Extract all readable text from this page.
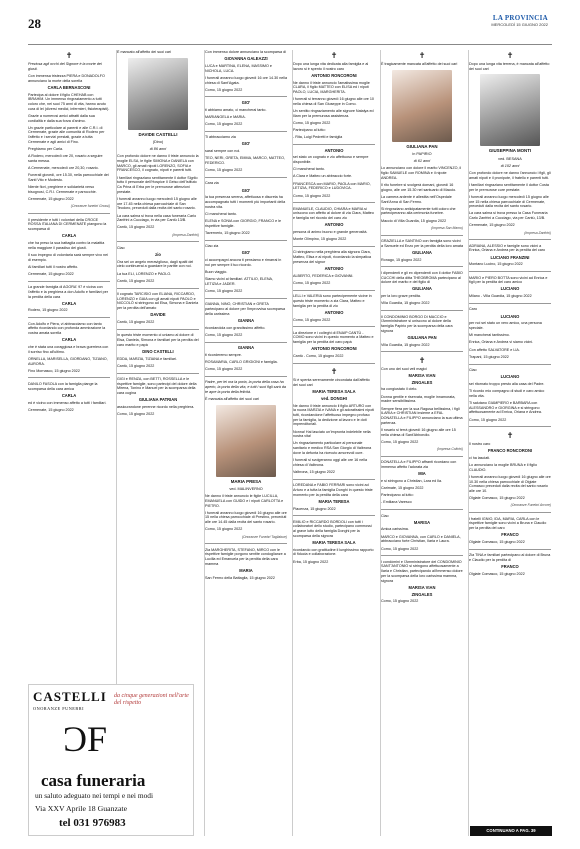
28	LA PROVINCIA
MERCOLEDÌ 15 GIUGNO 2022
✝

Preziosa agli occhi del Signore è la morte dei giusti.

Con immensa tristezza PIERA e DONADOLFO annunciano la morte della sorella

CARLA BERNASCONI

Partecipa al dolore il figlio CHEHAB con IBRAHIM. Un immenso ringraziamento a tutti coloro che, nei suoi 75 anni di vita, hanno avuto cura di lei (diversi medici, infermieri, fisioterapisti).

Grazie a numerosi amici attratti dalla sua cordialità e dalla sua forza d'animo.

Un grazie particolare ai parenti e alle C.R.I. di Cermenate, grazie alle comunità di Rodero per l'affetto e i servizi prestati, grazie a tutta Cermenate e agli amici di Fino.

Preghiamo per Carla.

A Rodero, mercoledì ore 20, rosario a seguire santa messa.

A Cermenate, mercoledì ore 20,30, rosario.

Funerali giovedì, ore 15.30, nella parrocchiale dei Santi Vito e Modesto.

Niente fiori, preghiere e solidarietà verso bisognosi, C.R.I. Cermenate e parrocchie.

Cermenate, 15 giugno 2022

(Onoranze funebri Grossi)

Il presidente e tutti i volontari della CROCE ROSSA ITALIANA DI CERMENATE piangono la scomparsa di

CARLA

che ha preso la sua battaglia contro la malattia nella maggiore il paradiso dei giusti.

Il suo impegno di volontaria sarà sempre vivo nei di esempio.

Ai familiari tutti il nostro affetto.

Cermenate, 15 giugno 2022

La grande famiglia di AGORA' 97 è vicina con l'affetto e la preghiera a don Adolfo e familiari per la perdita della cara

CARLA

Rodero, 15 giugno 2022

Con Adolfo e Piera, vi abbracciamo con tanto affetto ricordando con profonda ammirazione la vostra amata sorella

CARLA

che è stata una coraggiosa e brava guerriera con il sorriso fino all'ultimo.

ORNELLA, MARISELLA, GIORDANO, TIZIANO, AURORA.

Fino Mornasco, 15 giugno 2022

DANILO FASOLA con la famiglia piange la scomparsa della cara amica

CARLA

ed è vicino con immenso affetto a tutti i familiari.

Cermenate, 15 giugno 2022

È mancato all'affetto dei suoi cari

DAVIDE CASTELLI

(Dino)

di 86 anni

Con profondo dolore ne danno il triste annuncio la moglie ELSA, le figlie SIMONA e DANIELA con MARCO, gli amati nipoti LORENZO, SOFIA e FRANCESCO, il cognato, nipoti e parenti tutti.

I familiari ringraziano sentitamente il dottor Sigrilo tutto il personale dell'Hospice Il Geiso dell'Istituto Ca Prina di Erba per le premurose attenzioni prestate.

I funerali avranno luogo mercoledì 15 giugno alle ore 17.45 nella chiesa parrocchiale di San Teodoro, preceduti dalla recita del santo rosario.

La cara salma si trova nella casa funeraria Carlo Zanfrini a Cucciago, in via per Cantù 13/B.

Cantù, 15 giugno 2022

(Impresa Zanfrini)

Ciao

zio

Ora sei un angelo meraviglioso, dagli spalti del cielo continuerai a guardare le partite con noi.

La tua ELI, LORENZO e PAOLO.

Cantù, 15 giugno 2022

Il cognato TARCISIO con ELIANA, RICCARDO, LORENZO e GAIA con gli amati nipoti PAOLO e NICCOLÒ si stringono ad Elsa, Simona e Daniela per la perdita dell'amato

DAVIDE

Cantù, 15 giugno 2022

In questo triste momento ci uniamo al dolore di Elsa, Daniela, Simona e familiari per la perdita del caro marito e papà

DINO CASTELLI

EDDA, MARZIA, TIZIANA e familiari.

Cantù, 15 giugno 2022

GIGI e RENZA, con BETTI, ROSSELLA e le rispettive famiglie, sono partecipi del dolore della Mirena, Tonino e Manuel per la scomparsa della cara cugina

GIULIANA PATRIAN

assicurandone perenne ricordo nella preghiera.

Como, 15 giugno 2022

Con immenso dolore annunciano la scomparsa di

GIOVANNA GALEAZZI

LUCA e MARTINA, ELENA, MASSIMO e NICHOLA, LUCA.

I funerali avranno luogo giovedì 16 ore 14.30 nella chiesa di Sant'Agata.

Como, 15 giugno 2022

GIO'

ti abbiamo amato, ci mancherai tanto.

MARIANGELA e MARIA.

Como, 15 giugno 2022

Ti abbracciamo zia

GIO'

sarai sempre con noi.

TEO, NERI, GRETA, EMMA, MARCO, MATTEO, FEDERICO.

Como, 15 giugno 2022

Cara zia

GIO'

la tua presenza serena, affettuosa e discreta ha accompagnato tutti i momenti più importanti della nostra vita.

Ci mancherai tanto.

ELENA e SONIA con GIORGIO, FRANCO e le rispettive famiglie.

Tavernerio, 15 giugno 2022

Ciao zia

GIO'

ci accompagni ancora ti pensiamo e rimarrai in noi per sempre il tuo ricordo.

Buon viaggio.

Siamo vicini ai familiari. ATTILIO, ELENA, LETIZIA e JADER.

Como, 15 giugno 2022

GIANNA, NINO, CHRISTIAN e GRETA partecipano al dolore per l'improvvisa scomparsa della carissima

GIANNA

ricordandola con grandissimo affetto.

Como, 15 giugno 2022

GIANNA

ti ricorderemo sempre.

ROSAMARIA, CARLO GRIGIONI e famiglia.

Como, 15 giugno 2022

Padre, per lei ora la porta, la porta della casa ha aperto, la porta della vita, e tutti i suoi figli sarà da te apre la porta della felicità.

È mancata all'affetto dei suoi cari

MARIA PRESA

ved. MALINVERNO

Ne danno il triste annuncio le figlie LUCILLA, EMANUELA con GUIDO e i nipoti CARLOTTA e PIETRO.

I funerali avranno luogo giovedì 16 giugno alle ore 15 nella chiesa parrocchiale di Prestino, preceduti alle ore 14.45 dalla recita del santo rosario.

Como, 15 giugno 2022

(Onoranze Funebri Tagliabue)

Zia MARGHERITA, STEFANO, MIRCO con le rispettive famiglie porgono sentite condoglianze a Lucilla ed Emanuela per la perdita della cara mamma

MARIA

San Fermo della Battaglia, 15 giugno 2022

✝

Dopo una lunga vita dedicata alla famiglia e al lavoro si è spento il nostro caro

ANTONIO RONCORONI

Ne danno il triste annuncio l'amatissima moglie CLARA, il figlio MATTEO con ELISA ed i nipoti PAOLO, LUCIA, MARGHERITA.

I funerali si terranno giovedì 16 giugno alle ore 10 nella chiesa di San Giuseppe in Como.

Un sentito ringraziamento alle signore Natalya ed Iliam per la premurosa assistenza.

Como, 15 giugno 2022

Partecipano al lutto:

- Rita, Luigi Pedretti e famiglia

ANTONIO

sei stato un cognato e zio affettuoso e sempre disponibile.

Ci mancherai tanto.

A Clara e Matteo un abbraccio forte.

FRANCESCA con MARIO, PAOLA con MARIO, LETIZIA, FEDERICO e LUDOVICA.

Como, 15 giugno 2022

EMANUELE, CLAUDIO, CHIARA e MARIA si uniscono con affetto al dolore di zia Clara, Matteo e famiglia nel ricordo del caro zio

ANTONIO

persona di animo buono e grande generosità.

Monte Olimpino, 15 giugno 2022

Ci stringiamo nella preghiera alla signora Clara, Matteo, Elisa e ai nipoti, ricordando la simpatica presenza del signor

ANTONIO

ALBERTO, FEDERICA e GIOVANNI.

Como, 15 giugno 2022

LELLI e VALERIA sono partecipemente vicine in questo triste momento a zia Clara, Matteo e famiglia per la perdita di zio

ANTONIO

Como, 15 giugno 2022

La direzione e i colleghi di ENAIP CANTÙ - COMO sono vicini in questo momento a Matteo e famiglia per la perdita del caro papà

ANTONIO RONCORONI

Cantù - Como, 15 giugno 2022

✝

Si è spenta serenamente circondata dall'affetto dei suoi cari

MARIA TERESA SALA
ved. DONGHI

Ne danno il triste annuncio il figlio ARTURO con la nuora MARZIA e IVANA e gli adoratissimi nipoti tutti, ricordandone l'affettuoso impegno profuso per la famiglia, la dedizione al lavoro e le doti imprenditoriali.

Nonna! Hai lasciato un'impronta indelebile nella nostra vita!

Un ringraziamento particolare al personale sanitario e medico RSA San Giorgio di Valbrona dove la defunta ha ricevuto amorevoli cure.

I funerali si svolgeranno oggi alle ore 16 nella chiesa di Valbrona.

Valbrona, 15 giugno 2022

LOREDANA e FABIO FERRARI sono vicini ad Arturo e a tutta la famiglia Donghi in questo triste momento per la perdita della cara

MARIA TERESA

Piacenza, 15 giugno 2022

EMILIO e RICCARDO BORDOLI con tutti i collaboratori dello studio, partecipano commossi al grave lutto della famiglia Donghi per la scomparsa della signora

MARIA TERESA SALA

ricordando con gratitudine il lunghissimo rapporto di fiducia e collaborazione.

Erba, 15 giugno 2022

✝

È tragicamente mancata all'affetto dei suoi cari

GIULIANA PAN

in PAPIRIO

di 61 anni

Lo annunciano con dolore il marito VINCENZO, il figlio SAMUELE con ROMINA e il nipote ANDREA.

Il rito funebre si svolgerà domani, giovedì 16 giugno, alle ore 15.30 nel santuario di Maccio.

La camera ardente è allestita nell'Ospedale Sant'Anna di San Fermo.

Si ringraziano anticipatamente tutti coloro che parteciperanno alla cerimonia funebre.

Maccio di Villa Guardia, 15 giugno 2022

(Impresa San Mamo)

GRAZIELLA e SANTINO con famiglia sono vicini a Samuele ed Enzo per la perdita della loro amata

GIULIANA

Ronago, 15 giugno 2022

I dipendenti e gli ex dipendenti con il dottor FABIO CUCCHI della ditta THEOBROMA partecipano al dolore del marito e del figlio di

GIULIANA

per la loro grave perdita.

Villa Guardia, 15 giugno 2022

Il CONDOMINIO BORGO DI MACCIO e l'Amministratore si uniscono al dolore della famiglia Papirio per la scomparsa della cara signora

GIULIANA PAN

Villa Guardia, 15 giugno 2022

✝

Con uno dei suoi veli magici

MARISA VIAN
ZINGALES

ha congiustato il cielo.

Donna gentile e riservata, moglie innamorata, madre sensibilissima.

Sempre fiera per la sua Ragusa bellissima, i figli ILARIA e CHRISTIAN insieme a EFAL DONATELLA e FILIPPO annunciano la sua ultima partenza.

Il rosario si terrà giovedì 16 giugno alle ore 15 nella chiesa di Sant'Abbondio.

Como, 15 giugno 2022

(Impresa Coltrini)

DONATELLA e FILIPPO affranti ricordano con immenso affetto l'adorata zia

MIA

e si stringono a Christian, Lara ed Ila.

Carimate, 15 giugno 2022

Partecipano al lutto:

- Emiliana Varesco

Ciao

MARISA

Amica carissima.

MARCO e GIOVANNA, con CARLO e DANIELA, abbracciano forte Christian, Ilaria e Laura.

Como, 15 giugno 2022

I condòmini e l'Amministratore del CONDOMINIO SANT'ANTONIO si stringono affettuosamente a Ilaria e Christian, partecipando all'immenso dolore per la scomparsa della loro carissima mamma, signora

MARISA VIAN
ZINGALES

Como, 15 giugno 2022

✝

Dopo una lunga vita terrena, è mancata all'affetto dei suoi cari

GIUSEPPINA MONTI

ved. BESANA

di 102 anni

Con profondo dolore ne danno l'annuncio i figli, gli amati nipoti e il pronipote, il fratello e parenti tutti.

I familiari ringraziano sentitamente il dottor Costa per le premurose cure prestate.

I funerali avranno luogo mercoledì 15 giugno alle ore 15 nella chiesa parrocchiale di Cermenate, preceduti dalla recita del santo rosario.

La cara salma si trova presso la Casa Funeraria Carlo Zanfrini a Cucciago, via per Cantù, 13/B.

Cermenate, 15 giugno 2022

(Impresa Zanfrini)

ADRIANA, ALESSIO e famiglie sono vicini a Enrica, Oriana e Andrea per la perdita del caro

LUCIANO FRANZINI

Montano Lucino, 15 giugno 2022

MARIO e PIERO BOTTA sono vicini ad Enrica e figli per la perdita del caro amico

LUCIANO

Milano - Villa Guardia, 15 giugno 2022

Caro

LUCIANO

per noi sei stato un vero amico, una persona speciale.

Mi mancherai tantissimo.

Enrica, Oriana e Andrea vi siamo vicini.

Con affetto SALVATORE e LIA.

Trapani, 15 giugno 2022

Ciao

LUCIANO

sei ritornato troppo presto alla casa del Padre.

Ti ricordo mio compagno di studi e caro amico nella vita.

Ti salutano GIAMPIERO e BARBARA con ALESSANDRO e GIORGINA e si stringono affettuosamente ad Enrica, Oriana e Andrea.

Como, 15 giugno 2022

✝

Il nostro caro

FRANCO RONCORONI

ci ha lasciati.

Lo annunciano la moglie BRUNA e il figlio CLAUDIO.

I funerali avranno luogo giovedì 16 giugno alle ore 10.30 nella chiesa parrocchiale di Olgiate Comasco preceduti dalla recita del santo rosario alle ore 10.

Olgiate Comasco, 15 giugno 2022

(Onoranze Funebri Arcore)

I fratelli IGNIO, IDA, MARIA, CARLA con le rispettive famiglie sono vicini a Bruna e Claudio per la perdita del caro

FRANCO

Olgiate Comasco, 15 giugno 2022

Zia TINA e familiari partecipano al dolore di Bruna e Claudio per la perdita di

FRANCO

Olgiate Comasco, 15 giugno 2022

CONTINUANO A PAG. 39
CASTELLI
ONORANZE FUNEBRI
da cinque generazioni nell'arte del rispetto
ƆF
casa funeraria
un saluto adeguato nei tempi e nei modi
Via XXV Aprile 18 Guanzate
tel 031 976983
